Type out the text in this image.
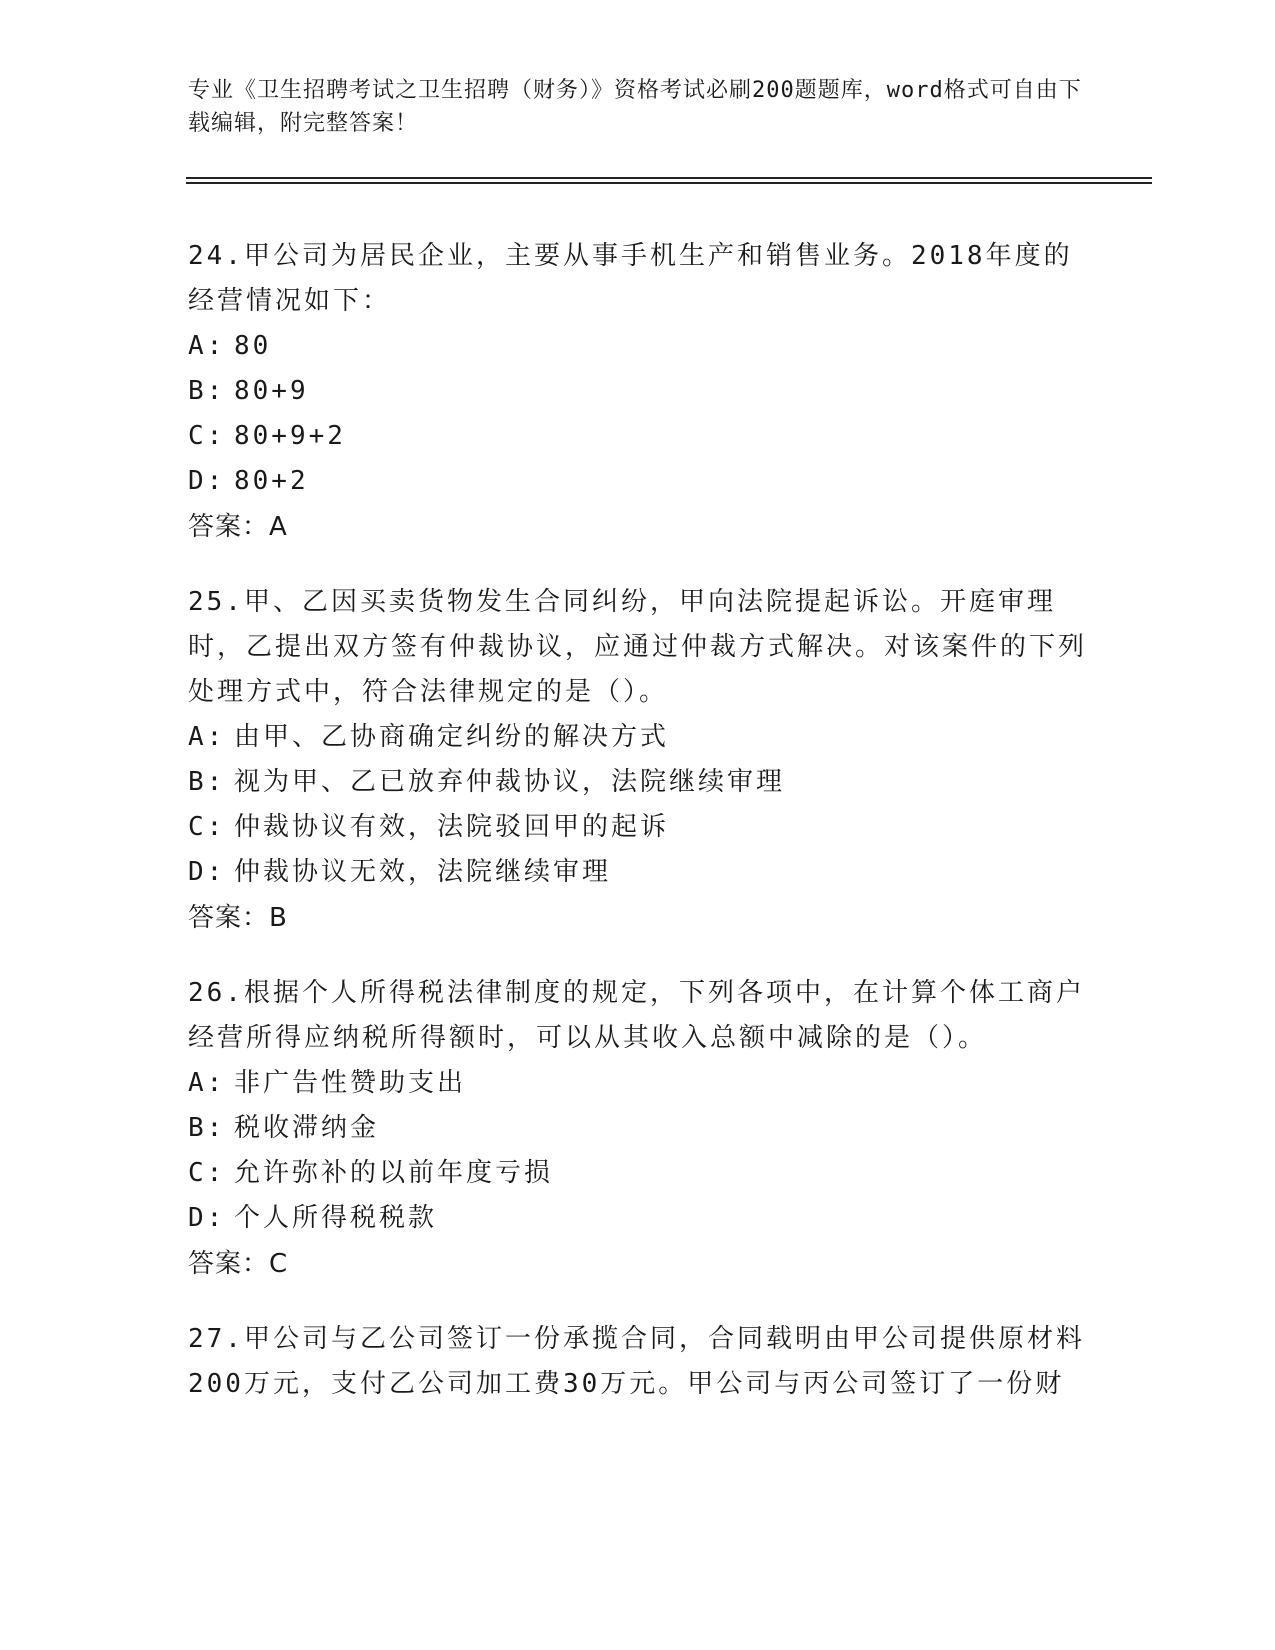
专业《卫生招聘考试之卫生招聘（财务）》资格考试必刷200题题库，word格式可自由下载编辑，附完整答案！
24.甲公司为居民企业，主要从事手机生产和销售业务。2018年度的经营情况如下：
A: 80
B: 80+9
C: 80+9+2
D: 80+2
答案：A
25.甲、乙因买卖货物发生合同纠纷，甲向法院提起诉讼。开庭审理时，乙提出双方签有仲裁协议，应通过仲裁方式解决。对该案件的下列处理方式中，符合法律规定的是（）。
A: 由甲、乙协商确定纠纷的解决方式
B: 视为甲、乙已放弃仲裁协议，法院继续审理
C: 仲裁协议有效，法院驳回甲的起诉
D: 仲裁协议无效，法院继续审理
答案：B
26.根据个人所得税法律制度的规定，下列各项中，在计算个体工商户经营所得应纳税所得额时，可以从其收入总额中减除的是（）。
A: 非广告性赞助支出
B: 税收滞纳金
C: 允许弥补的以前年度亏损
D: 个人所得税税款
答案：C
27.甲公司与乙公司签订一份承揽合同，合同载明由甲公司提供原材料200万元，支付乙公司加工费30万元。甲公司与丙公司签订了一份财
